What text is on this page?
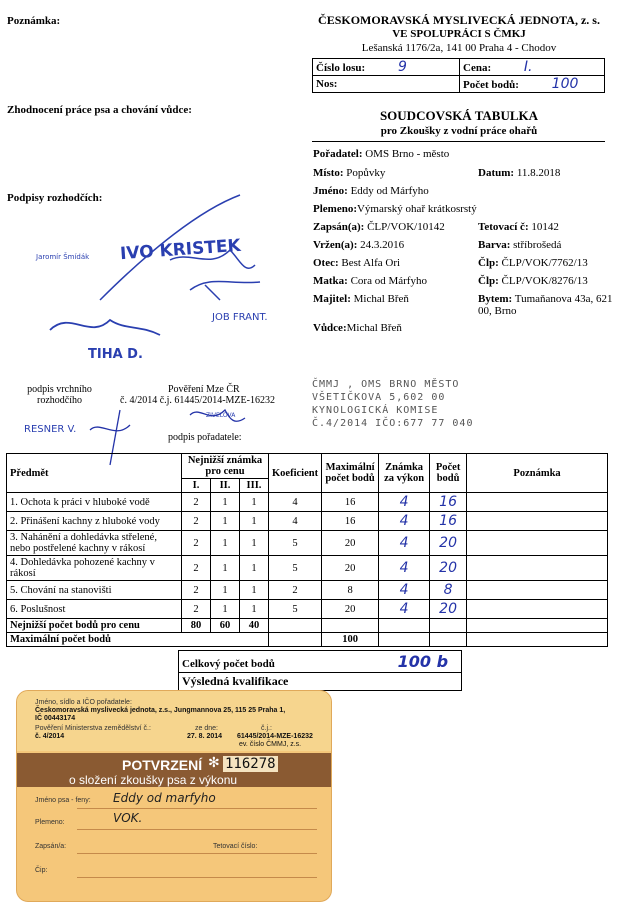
Poznámka:
Zhodnocení práce psa a chování vůdce:
Podpisy rozhodčích:
Jaromír Šmídák IVO KRISTEK
JOB FRANT.
TIHA D.
RESNER V.
ZIVELOVA
podpis vrchního
rozhodčího
Pověření Mze ČR
č. 4/2014 č.j. 61445/2014-MZE-16232
podpis pořadatele:
ČESKOMORAVSKÁ MYSLIVECKÁ JEDNOTA, z. s.
VE SPOLUPRÁCI S ČMKJ
Lešanská 1176/2a, 141 00 Praha 4 - Chodov
Číslo losu: 9	Cena: I.
Nos:	Počet bodů: 100
SOUDCOVSKÁ TABULKA
pro Zkoušky z vodní práce ohařů
Pořadatel: OMS Brno - město
Místo: Popůvky	Datum: 11.8.2018
Jméno: Eddy od Márfyho
Plemeno:Výmarský ohař krátkosrstý
Zapsán(a): ČLP/VOK/10142	Tetovací č: 10142
Vržen(a): 24.3.2016	Barva: stříbrošedá
Otec: Best Alfa Ori	Člp: ČLP/VOK/7762/13
Matka: Cora od Márfyho	Člp: ČLP/VOK/8276/13
Majitel: Michal Břeň	Bytem: Tumaňanova 43a, 621
00, Brno
Vůdce:Michal Břeň
ČMMJ , OMS BRNO MĚSTO
VŠETIČKOVA 5,602 00
KYNOLOGICKÁ KOMISE
Č.4/2014 IČO:677 77 040
Předmět	Nejnižší známka pro cenu			Koeficient	Maximální počet bodů	Známka za výkon	Počet bodů	Poznámka
	I.	II.	III.					
1. Ochota k práci v hluboké vodě	2	1	1	4	16	4	16	
2. Přinášení kachny z hluboké vody	2	1	1	4	16	4	16	
3. Nahánění a dohledávka střelené, nebo postřelené kachny v rákosí	2	1	1	5	20	4	20	
4. Dohledávka pohozené kachny v rákosí	2	1	1	5	20	4	20	
5. Chování na stanovišti	2	1	1	2	8	4	8	
6. Poslušnost	2	1	1	5	20	4	20	
Nejnižší počet bodů pro cenu	80	60	40					
Maximální počet bodů					100			
Celkový počet bodů	100 b
Výsledná kvalifikace
Jméno, sídlo a IČO pořadatele:
Českomoravská myslivecká jednota, z.s., Jungmannova 25, 115 25 Praha 1,
IČ 00443174
Pověření Ministerstva zemědělství č.:
č. 4/2014
ze dne:
27. 8. 2014
č.j.:
61445/2014-MZE-16232
ev. číslo ČMMJ, z.s.
POTVRZENÍ ✻ 116278
o složení zkoušky psa z výkonu
Jméno psa - feny: Eddy od marfyho
Plemeno:	VOK.
Zapsán/a:	Tetovací číslo:
Čip:
